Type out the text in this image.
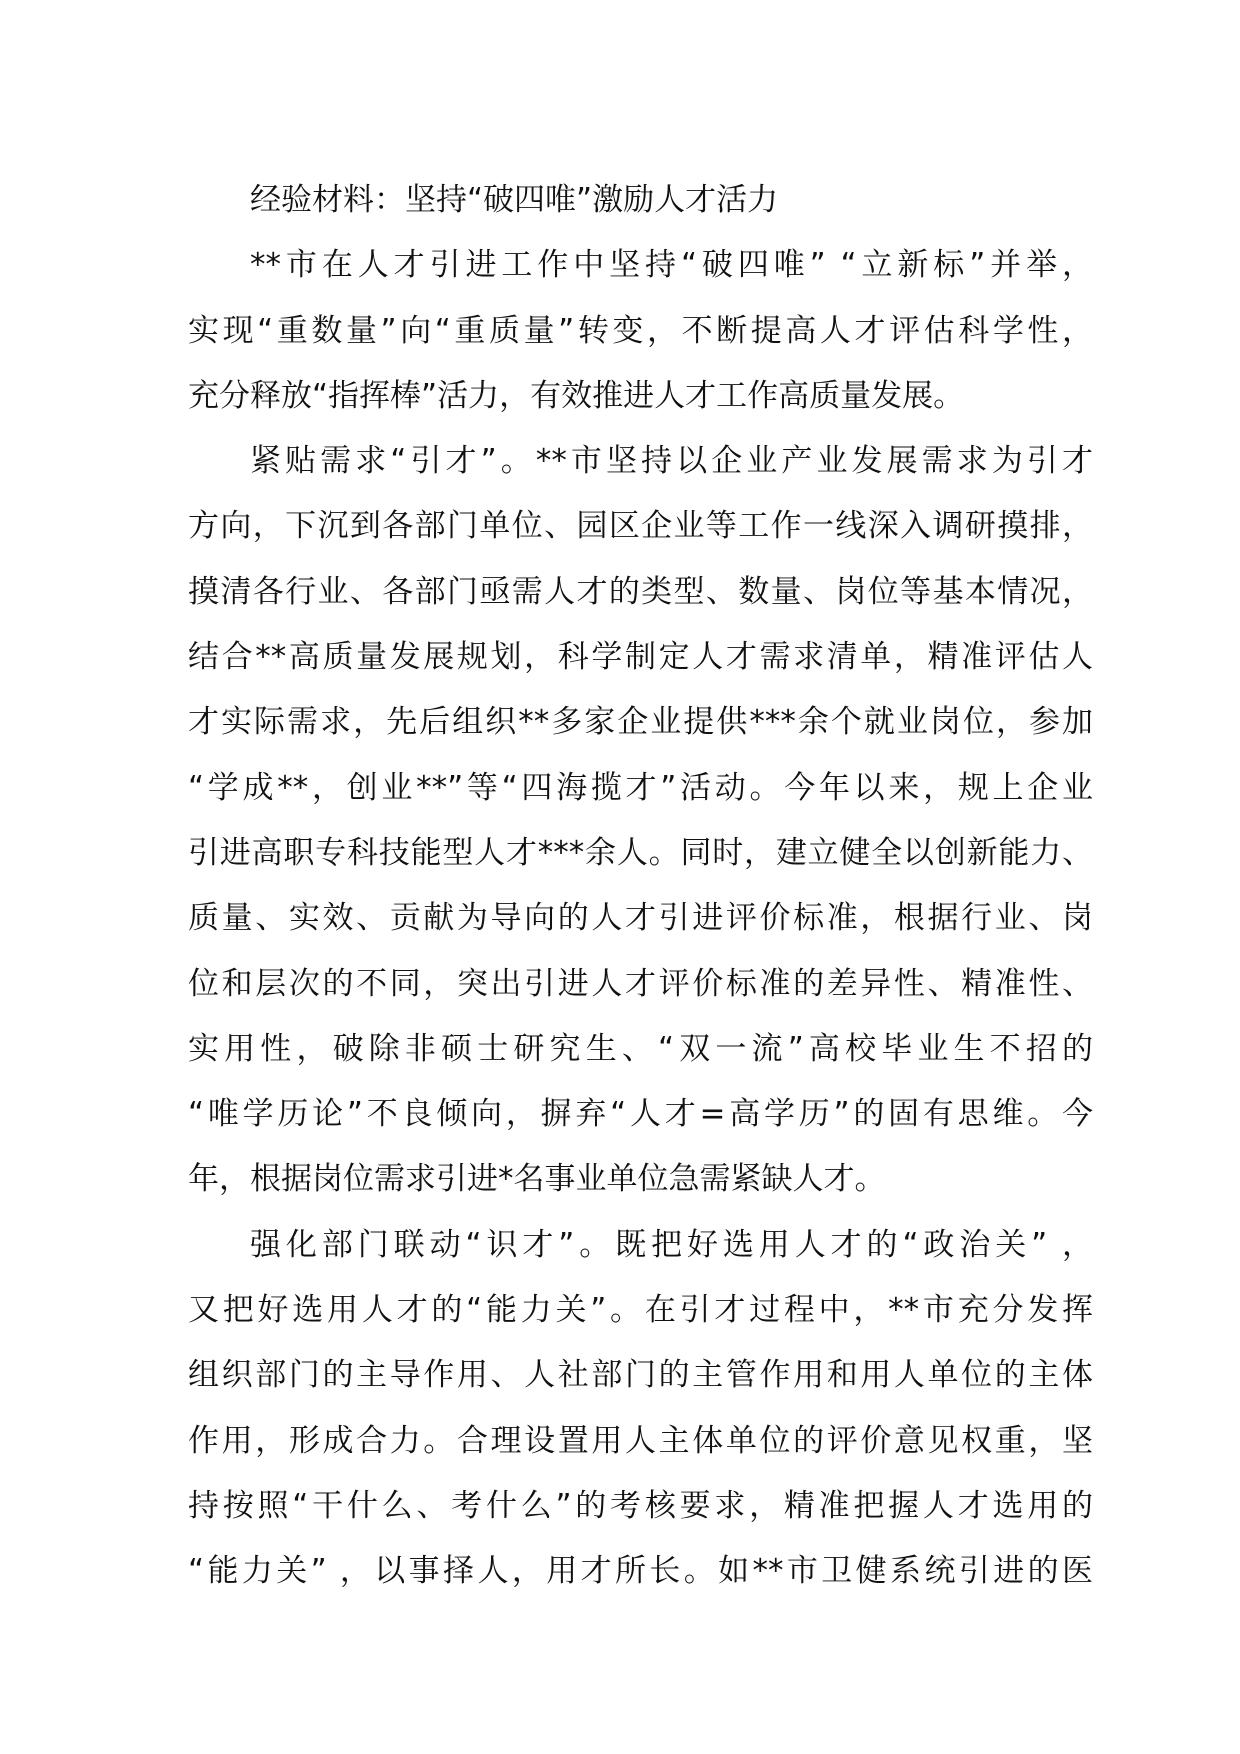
经验材料：坚持“破四唯”激励人才活力
**市在人才引进工作中坚持“破四唯” “立新标”并举，
实现“重数量”向“重质量”转变，不断提高人才评估科学性，
充分释放“指挥棒”活力，有效推进人才工作高质量发展。
紧贴需求“引才”。**市坚持以企业产业发展需求为引才
方向，下沉到各部门单位、园区企业等工作一线深入调研摸排，
摸清各行业、各部门亟需人才的类型、数量、岗位等基本情况，
结合**高质量发展规划，科学制定人才需求清单，精准评估人
才实际需求，先后组织**多家企业提供***余个就业岗位，参加
“学成**，创业**”等“四海揽才”活动。今年以来，规上企业
引进高职专科技能型人才***余人。同时，建立健全以创新能力、
质量、实效、贡献为导向的人才引进评价标准，根据行业、岗
位和层次的不同，突出引进人才评价标准的差异性、精准性、
实用性，破除非硕士研究生、“双一流”高校毕业生不招的
“唯学历论”不良倾向，摒弃“人才=高学历”的固有思维。今
年，根据岗位需求引进*名事业单位急需紧缺人才。
强化部门联动“识才”。既把好选用人才的“政治关” ，
又把好选用人才的“能力关”。在引才过程中，**市充分发挥
组织部门的主导作用、人社部门的主管作用和用人单位的主体
作用，形成合力。合理设置用人主体单位的评价意见权重，坚
持按照“干什么、考什么”的考核要求，精准把握人才选用的
“能力关” ，以事择人，用才所长。如**市卫健系统引进的医
